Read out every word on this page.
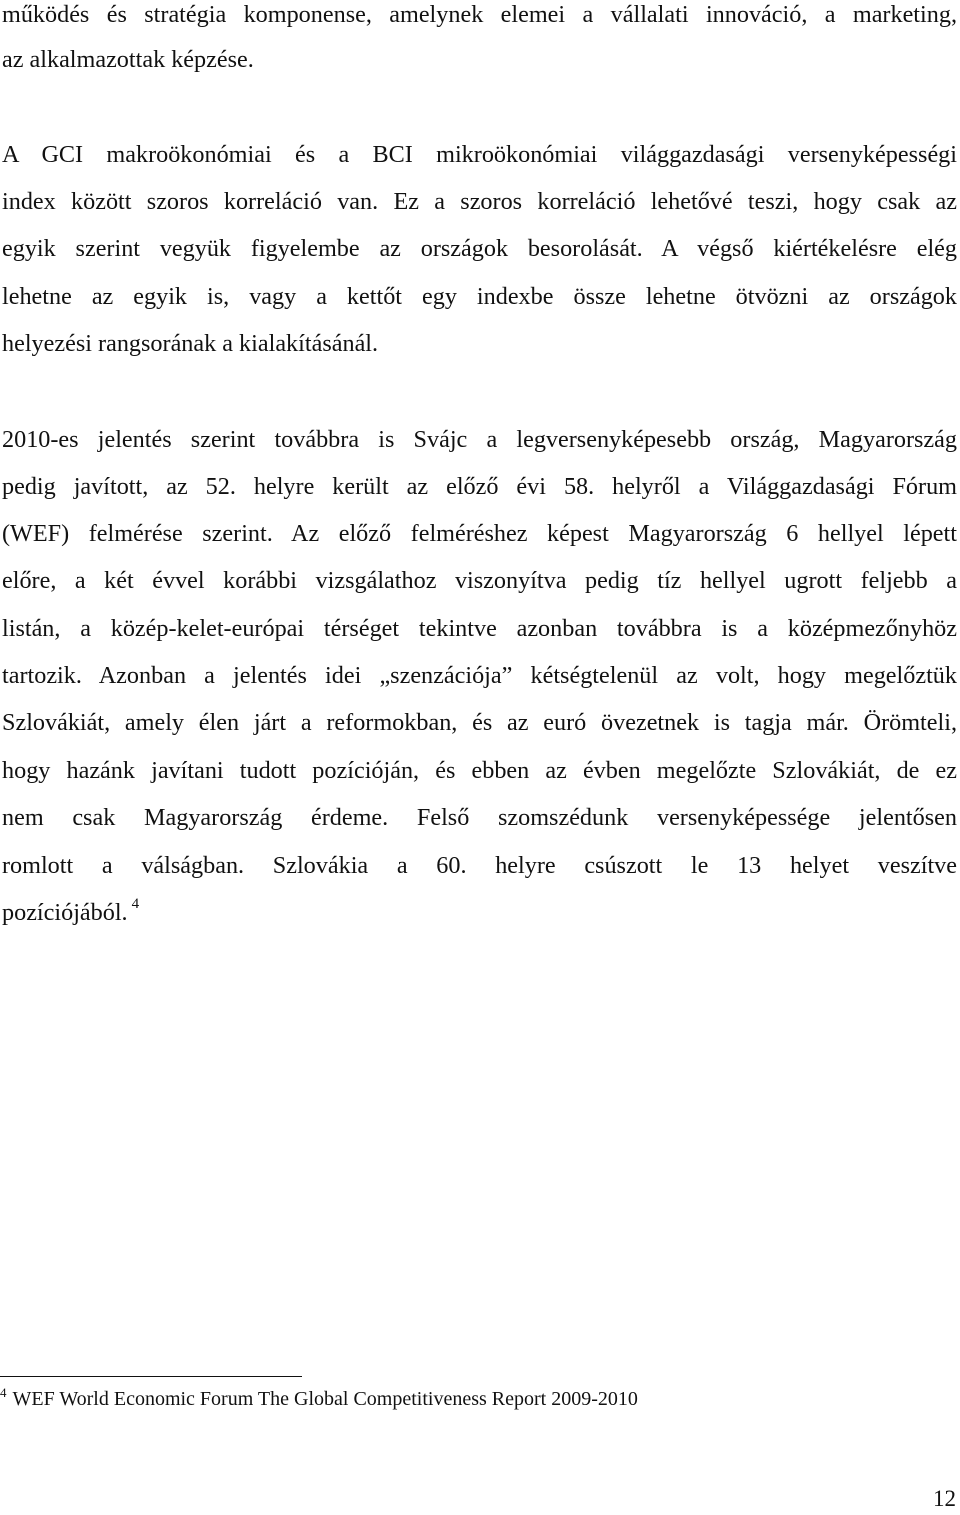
működés és stratégia komponense, amelynek elemei a vállalati innováció, a marketing,
az alkalmazottak képzése.
A GCI makroökonómiai és a BCI mikroökonómiai világgazdasági versenyképességi
index között szoros korreláció van. Ez a szoros korreláció lehetővé teszi, hogy csak az
egyik szerint vegyük figyelembe az országok besorolását. A végső kiértékelésre elég
lehetne az egyik is, vagy a kettőt egy indexbe össze lehetne ötvözni az országok
helyezési rangsorának a kialakításánál.
2010-es jelentés szerint továbbra is Svájc a legversenyképesebb ország, Magyarország
pedig javított, az 52. helyre került az előző évi 58. helyről a Világgazdasági Fórum
(WEF) felmérése szerint. Az előző felméréshez képest Magyarország 6 hellyel lépett
előre, a két évvel korábbi vizsgálathoz viszonyítva pedig tíz hellyel ugrott feljebb a
listán, a közép-kelet-európai térséget tekintve azonban továbbra is a középmezőnyhöz
tartozik. Azonban a jelentés idei „szenzációja” kétségtelenül az volt, hogy megelőztük
Szlovákiát, amely élen járt a reformokban, és az euró övezetnek is tagja már. Örömteli,
hogy hazánk javítani tudott pozícióján, és ebben az évben megelőzte Szlovákiát, de ez
nem csak Magyarország érdeme. Felső szomszédunk versenyképessége jelentősen
romlott a válságban. Szlovákia a 60. helyre csúszott le 13 helyet veszítve
pozíciójából. $^4$
$^4$ WEF World Economic Forum The Global Competitiveness Report 2009-2010
12
